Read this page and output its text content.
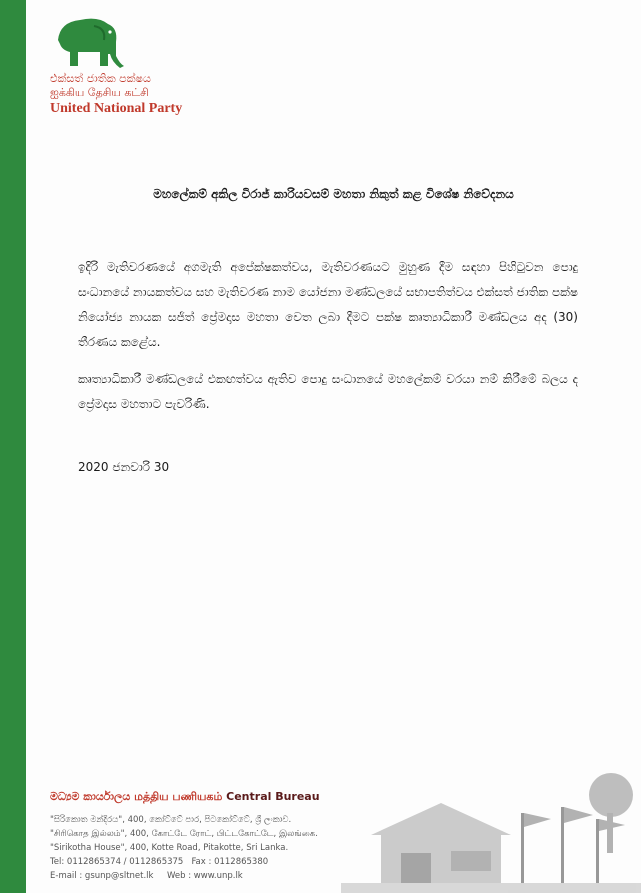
එක්සත් ජාතික පක්ෂය

ஐக்கிய தேசிய கட்சி

United National Party
මහලේකම් අකිල විරාජ් කාරියවසම් මහතා නිකුත් කළ විශේෂ නිවේදනය
ඉදිරි මැතිවරණයේ අගමැති අපේක්ෂකත්වය, මැතිවරණයට මුහුණ දීම සඳහා පිහිටුවන පොදු සංධානයේ නායකත්වය සහ මැතිවරණ නාම යෝජනා මණ්ඩලයේ සභාපතිත්වය එක්සත් ජාතික පක්ෂ නියෝජ්‍ය නායක සජිත් ප්‍රේමදාස මහතා වෙත ලබා දීමට පක්ෂ කෘත්‍යාධිකාරී මණ්ඩලය අද (30) තීරණය කළේය.
කෘත්‍යාධිකාරී මණ්ඩලයේ එකඟත්වය ඇතිව පොදු සංධානයේ මහලේකම් වරයා නම් කිරීමේ බලය ද ප්‍රේමදාස මහතාට පැවරිණි.
2020 ජනවාරි 30
මධ්‍යම කාර්යාලය மத்திய பணியகம் Central Bureau
"සිරිකොත මන්දිරය", 400, කෝට්ටේ පාර, පිටකෝට්ටේ, ශ්‍රී ලංකාව.
"சிரிகொத இல்லம்", 400, கோட்டே ரோட், பிட்டகோட்டே, இலங்கை.
"Sirikotha House", 400, Kotte Road, Pitakotte, Sri Lanka.
Tel: 0112865374 / 0112865375 Fax : 0112865380
E-mail : gsunp@sltnet.lk Web : www.unp.lk
